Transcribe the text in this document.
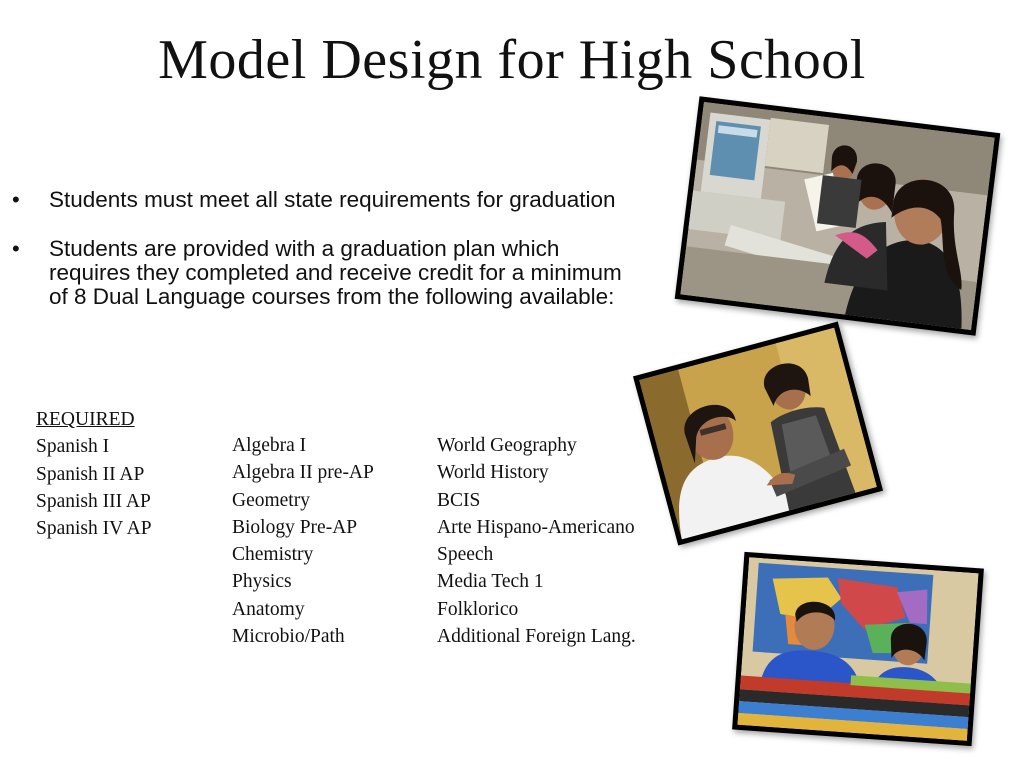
Model Design for High School
• Students must meet all state requirements for graduation
• Students are provided with a graduation plan which requires they completed and receive credit for a minimum of 8 Dual Language courses from the following available:
REQUIRED
Spanish I
Spanish II AP
Spanish III AP
Spanish IV AP
Algebra I
Algebra II pre-AP
Geometry
Biology Pre-AP
Chemistry
Physics
Anatomy
Microbio/Path
World Geography
World History
BCIS
Arte Hispano-Americano
Speech
Media Tech 1
Folklorico
Additional Foreign Lang.
